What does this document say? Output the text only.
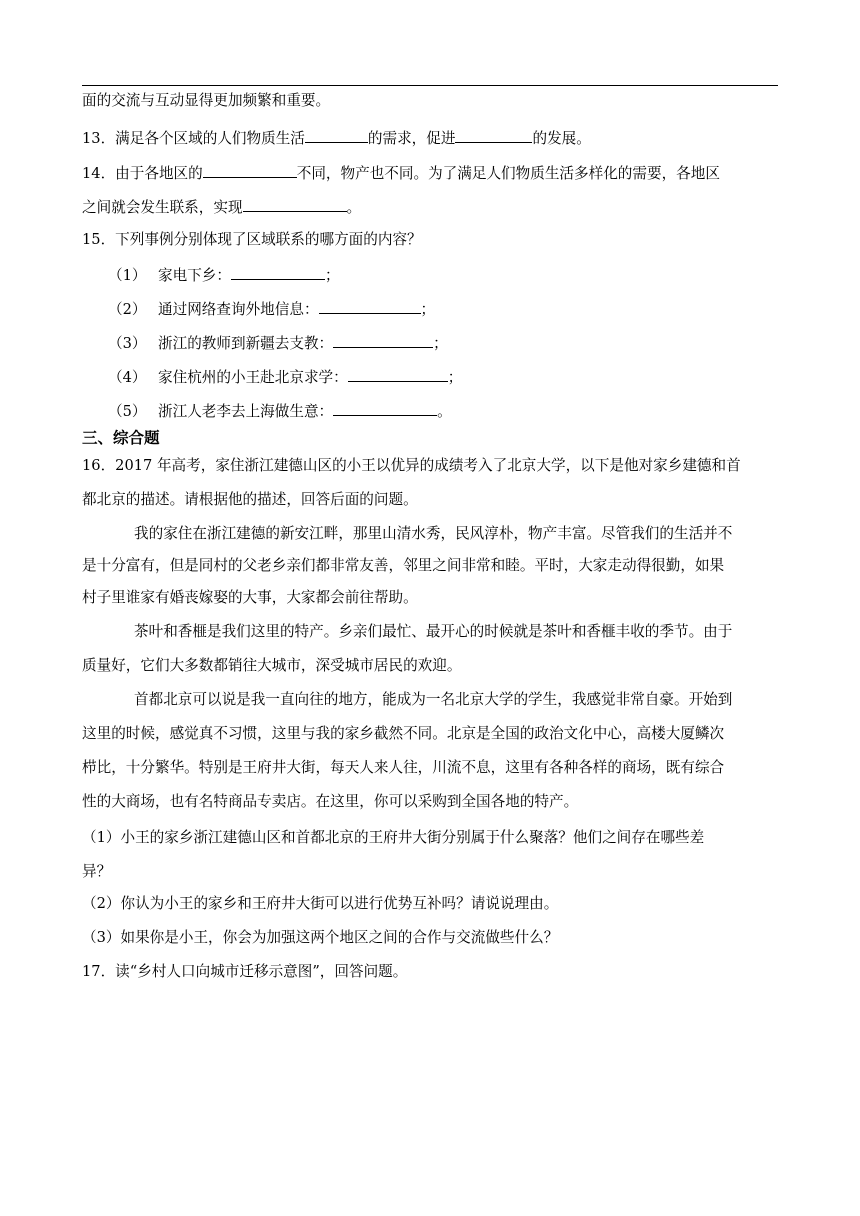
面的交流与互动显得更加频繁和重要。
13．满足各个区域的人们物质生活	的需求，促进	的发展。
14．由于各地区的	不同，物产也不同。为了满足人们物质生活多样化的需要，各地区
之间就会发生联系，实现	。
15．下列事例分别体现了区域联系的哪方面的内容？
（1） 家电下乡：	；
（2） 通过网络查询外地信息：	；
（3） 浙江的教师到新疆去支教：	；
（4） 家住杭州的小王赴北京求学：	；
（5） 浙江人老李去上海做生意：	。
三、综合题
16．2017 年高考，家住浙江建德山区的小王以优异的成绩考入了北京大学，以下是他对家乡建德和首
都北京的描述。请根据他的描述，回答后面的问题。
我的家住在浙江建德的新安江畔，那里山清水秀，民风淳朴，物产丰富。尽管我们的生活并不
是十分富有，但是同村的父老乡亲们都非常友善，邻里之间非常和睦。平时，大家走动得很勤，如果
村子里谁家有婚丧嫁娶的大事，大家都会前往帮助。
茶叶和香榧是我们这里的特产。乡亲们最忙、最开心的时候就是茶叶和香榧丰收的季节。由于
质量好，它们大多数都销往大城市，深受城市居民的欢迎。
首都北京可以说是我一直向往的地方，能成为一名北京大学的学生，我感觉非常自豪。开始到
这里的时候，感觉真不习惯，这里与我的家乡截然不同。北京是全国的政治文化中心，高楼大厦鳞次
栉比，十分繁华。特别是王府井大街，每天人来人往，川流不息，这里有各种各样的商场，既有综合
性的大商场，也有名特商品专卖店。在这里，你可以采购到全国各地的特产。
（1）小王的家乡浙江建德山区和首都北京的王府井大街分别属于什么聚落？他们之间存在哪些差
异？
（2）你认为小王的家乡和王府井大街可以进行优势互补吗？请说说理由。
（3）如果你是小王，你会为加强这两个地区之间的合作与交流做些什么？
17．读“乡村人口向城市迁移示意图”，回答问题。
